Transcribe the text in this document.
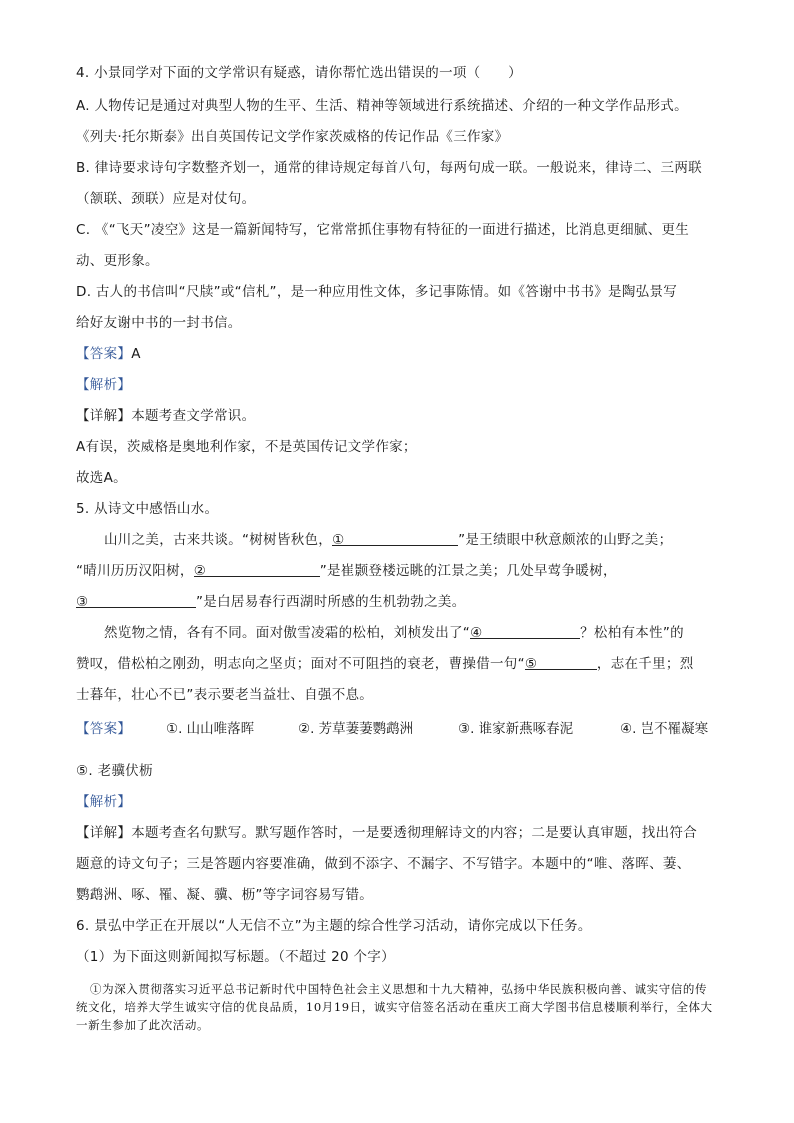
4. 小景同学对下面的文学常识有疑惑，请你帮忙选出错误的一项（　　）
A. 人物传记是通过对典型人物的生平、生活、精神等领域进行系统描述、介绍的一种文学作品形式。
《列夫·托尔斯泰》出自英国传记文学作家茨威格的传记作品《三作家》
B. 律诗要求诗句字数整齐划一，通常的律诗规定每首八句，每两句成一联。一般说来，律诗二、三两联
（颔联、颈联）应是对仗句。
C. 《“飞天”凌空》这是一篇新闻特写，它常常抓住事物有特征的一面进行描述，比消息更细腻、更生
动、更形象。
D. 古人的书信叫“尺牍”或“信札”，是一种应用性文体，多记事陈情。如《答谢中书书》是陶弘景写
给好友谢中书的一封书信。
【答案】A
【解析】
【详解】本题考查文学常识。
A有误，茨威格是奥地利作家，不是英国传记文学作家；
故选A。
5. 从诗文中感悟山水。
山川之美，古来共谈。“树树皆秋色，①	”是王绩眼中秋意颇浓的山野之美；
“晴川历历汉阳树，②	”是崔颢登楼远眺的江景之美；几处早莺争暖树，
③	”是白居易春行西湖时所感的生机勃勃之美。
然览物之情，各有不同。面对傲雪凌霜的松柏，刘桢发出了“④	？松柏有本性”的
赞叹，借松柏之刚劲，明志向之坚贞；面对不可阻挡的衰老，曹操借一句“⑤	，志在千里；烈
士暮年，壮心不已”表示要老当益壮、自强不息。
【答案】	①. 山山唯落晖	②. 芳草萋萋鹦鹉洲	③. 谁家新燕啄春泥	④. 岂不罹凝寒
⑤. 老骥伏枥
【解析】
【详解】本题考查名句默写。默写题作答时，一是要透彻理解诗文的内容；二是要认真审题，找出符合
题意的诗文句子；三是答题内容要准确，做到不添字、不漏字、不写错字。本题中的“唯、落晖、萋、
鹦鹉洲、啄、罹、凝、骥、枥”等字词容易写错。
6. 景弘中学正在开展以“人无信不立”为主题的综合性学习活动，请你完成以下任务。
（1）为下面这则新闻拟写标题。（不超过 20 个字）
①为深入贯彻落实习近平总书记新时代中国特色社会主义思想和十九大精神，弘扬中华民族积极向善、诚实守信的传统文化，培养大学生诚实守信的优良品质，10月19日，诚实守信签名活动在重庆工商大学图书信息楼顺利举行，全体大一新生参加了此次活动。
